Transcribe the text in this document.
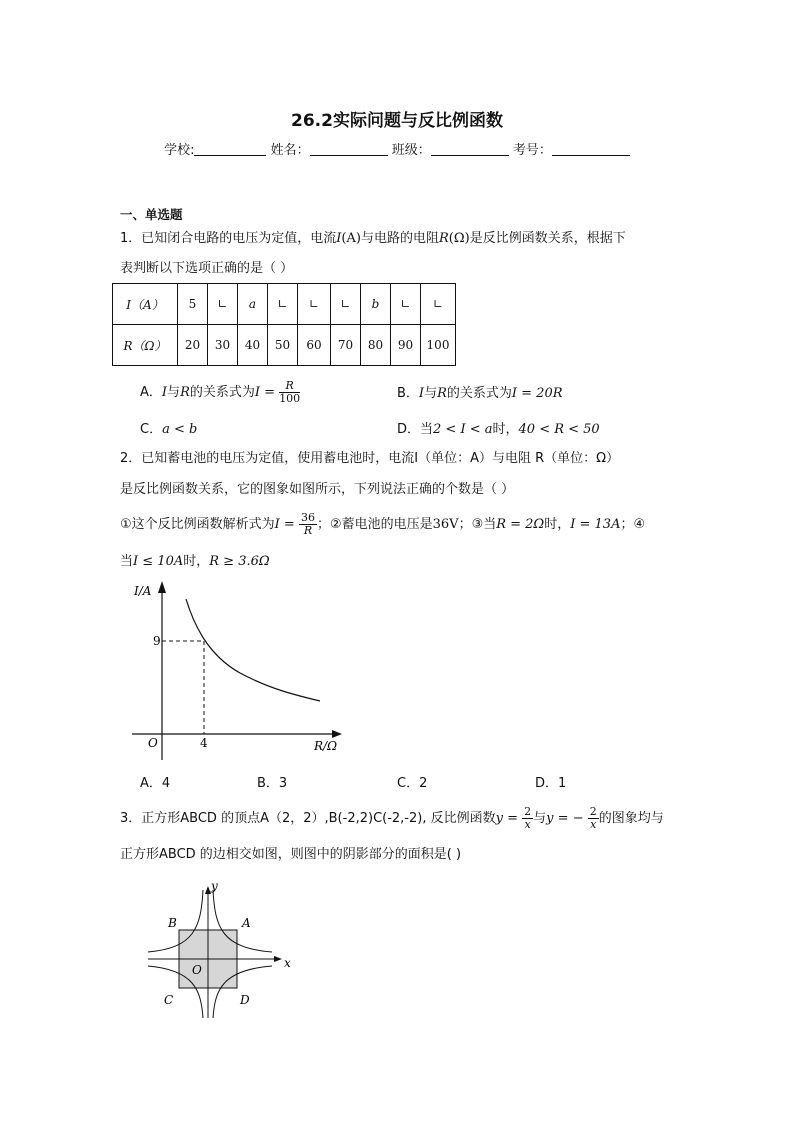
26.2实际问题与反比例函数
学校:	姓名：	班级：	考号：
一、单选题
1．已知闭合电路的电压为定值，电流I(A)与电路的电阻R(Ω)是反比例函数关系，根据下
表判断以下选项正确的是（ ）
I（A）	5	∟	a	∟	∟	∟	b	∟	∟
R（Ω）	20	30	40	50	60	70	80	90	100
A．I与R的关系式为$I = \frac{R}{100}$	B．I与R的关系式为I = 20R
C．a < b	D．当2 < I < a时，40 < R < 50
2．已知蓄电池的电压为定值，使用蓄电池时，电流I（单位：A）与电阻 R（单位：Ω）
是反比例函数关系，它的图象如图所示，下列说法正确的个数是（ ）
①这个反比例函数解析式为$I = \frac{36}{R}$ ；②蓄电池的电压是36V；③当R = 2Ω时，I = 13A；④
当I ≤ 10A时，R ≥ 3.6Ω
I/A
R/Ω
O
9
4
A．4	B．3	C．2	D．1
3．正方形ABCD 的顶点A（2，2）,B(-2,2)C(-2,-2), 反比例函数$y = \frac{2}{x}$ 与y = − $\frac{2}{x}$ 的图象均与
正方形ABCD 的边相交如图，则图中的阴影部分的面积是( )
x
y
O
A
B
C	D
